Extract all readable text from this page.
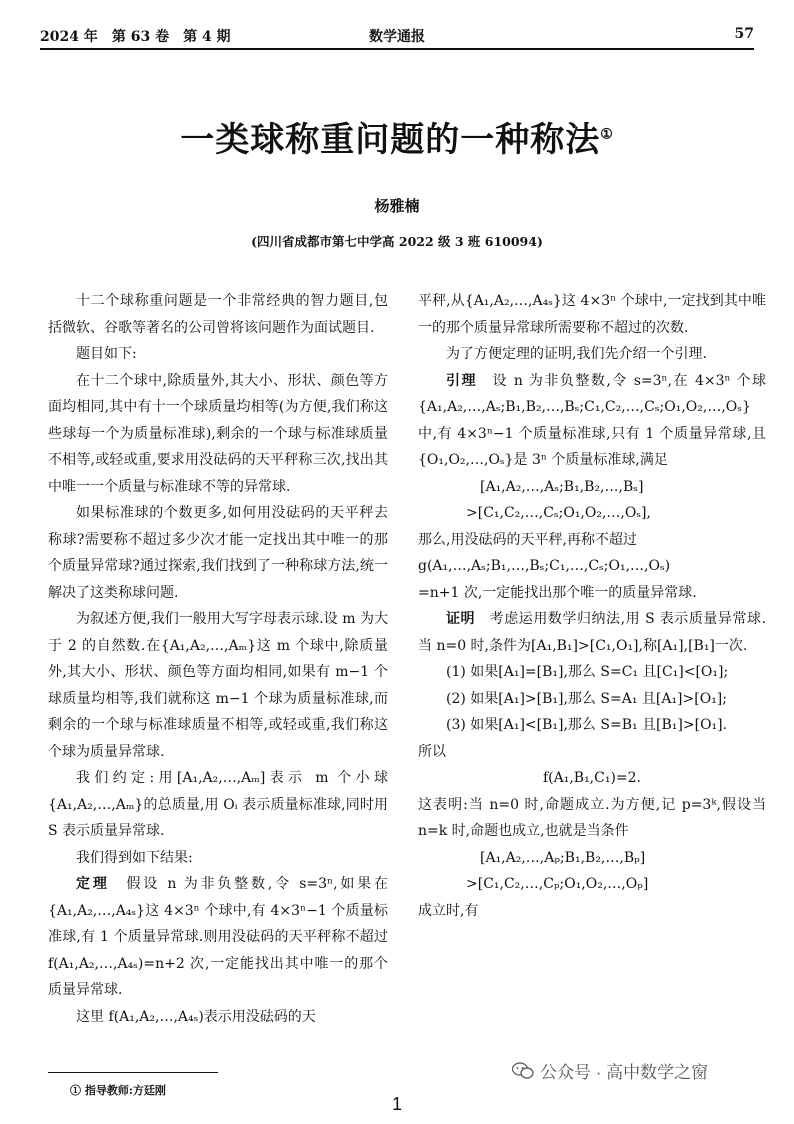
2024 年　第 63 卷　第 4 期	数学通报	57
一类球称重问题的一种称法①
杨雅楠
(四川省成都市第七中学高 2022 级 3 班 610094)

十二个球称重问题是一个非常经典的智力题目,包括微软、谷歌等著名的公司曾将该问题作为面试题目.

题目如下:

在十二个球中,除质量外,其大小、形状、颜色等方面均相同,其中有十一个球质量均相等(为方便,我们称这些球每一个为质量标准球),剩余的一个球与标准球质量不相等,或轻或重,要求用没砝码的天平秤称三次,找出其中唯一一个质量与标准球不等的异常球.

如果标准球的个数更多,如何用没砝码的天平秤去称球?需要称不超过多少次才能一定找出其中唯一的那个质量异常球?通过探索,我们找到了一种称球方法,统一解决了这类称球问题.

为叙述方便,我们一般用大写字母表示球.设 m 为大于 2 的自然数.在{A₁,A₂,…,Aₘ}这 m 个球中,除质量外,其大小、形状、颜色等方面均相同,如果有 m−1 个球质量均相等,我们就称这 m−1 个球为质量标准球,而剩余的一个球与标准球质量不相等,或轻或重,我们称这个球为质量异常球.

我们约定:用[A₁,A₂,…,Aₘ]表示 m 个小球{A₁,A₂,…,Aₘ}的总质量,用 Oᵢ 表示质量标准球,同时用 S 表示质量异常球.

我们得到如下结果:

定理　 假设 n 为非负整数,令 s=3ⁿ,如果在{A₁,A₂,…,A₄ₛ}这 4×3ⁿ 个球中,有 4×3ⁿ−1 个质量标准球,有 1 个质量异常球.则用没砝码的天平秤称不超过 f(A₁,A₂,…,A₄ₛ)=n+2 次,一定能找出其中唯一的那个质量异常球.

这里 f(A₁,A₂,…,A₄ₛ)表示用没砝码的天

平秤,从{A₁,A₂,…,A₄ₛ}这 4×3ⁿ 个球中,一定找到其中唯一的那个质量异常球所需要称不超过的次数.

为了方便定理的证明,我们先介绍一个引理.

引理　 设 n 为非负整数,令 s=3ⁿ,在 4×3ⁿ 个球{A₁,A₂,…,Aₛ;B₁,B₂,…,Bₛ;C₁,C₂,…,Cₛ;O₁,O₂,…,Oₛ}中,有 4×3ⁿ−1 个质量标准球,只有 1 个质量异常球,且{O₁,O₂,…,Oₛ}是 3ⁿ 个质量标准球,满足

[A₁,A₂,…,Aₛ;B₁,B₂,…,Bₛ]

>[C₁,C₂,…,Cₛ;O₁,O₂,…,Oₛ],

那么,用没砝码的天平秤,再称不超过

g(A₁,…,Aₛ;B₁,…,Bₛ;C₁,…,Cₛ;O₁,…,Oₛ)

=n+1 次,一定能找出那个唯一的质量异常球.

证明　 考虑运用数学归纳法,用 S 表示质量异常球.当 n=0 时,条件为[A₁,B₁]>[C₁,O₁],称[A₁],[B₁]一次.

(1) 如果[A₁]=[B₁],那么 S=C₁ 且[C₁]<[O₁];

(2) 如果[A₁]>[B₁],那么 S=A₁ 且[A₁]>[O₁];

(3) 如果[A₁]<[B₁],那么 S=B₁ 且[B₁]>[O₁].

所以

f(A₁,B₁,C₁)=2.

这表明:当 n=0 时,命题成立.为方便,记 p=3ᵏ,假设当 n=k 时,命题也成立,也就是当条件

[A₁,A₂,…,Aₚ;B₁,B₂,…,Bₚ]

>[C₁,C₂,…,Cₚ;O₁,O₂,…,Oₚ]

成立时,有

① 指导教师:方廷刚
公众号 · 高中数学之窗
1
